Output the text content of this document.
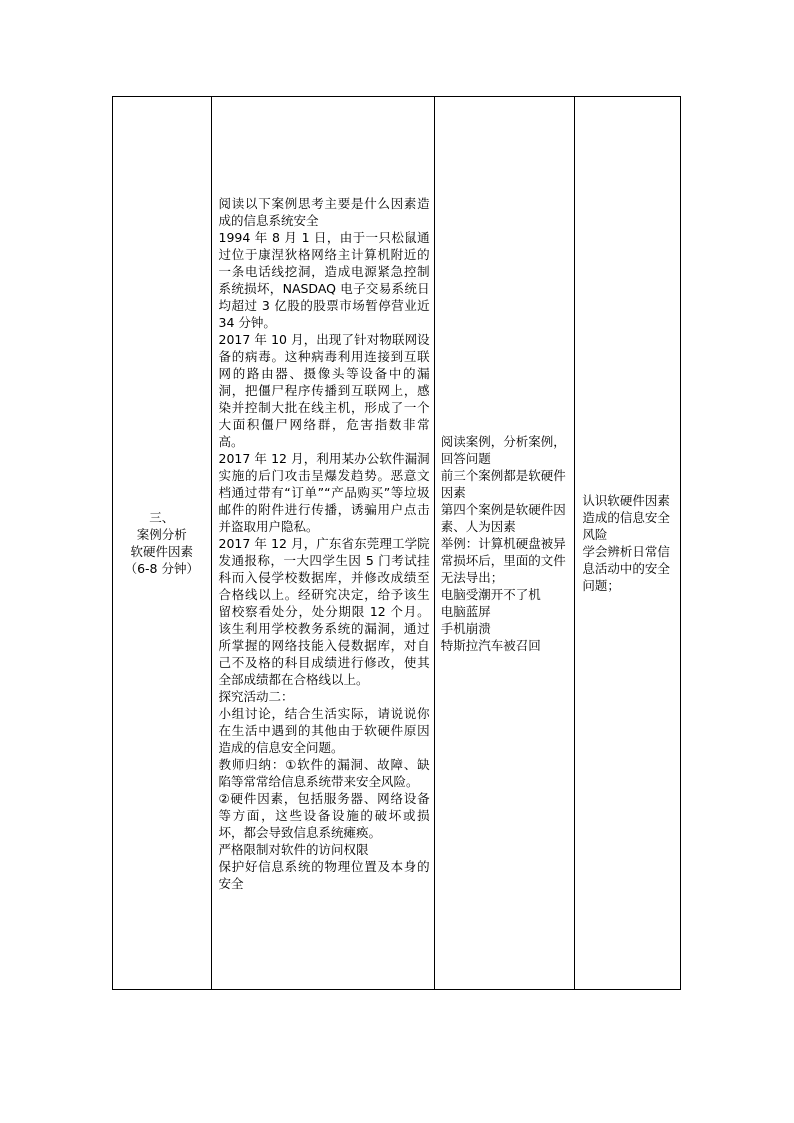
三、
案例分析
软硬件因素
（6-8 分钟）

阅读以下案例思考主要是什么因素造成的信息系统安全
1994 年 8 月 1 日，由于一只松鼠通过位于康涅狄格网络主计算机附近的一条电话线挖洞，造成电源紧急控制系统损坏，NASDAQ 电子交易系统日均超过 3 亿股的股票市场暂停营业近 34 分钟。
2017 年 10 月，出现了针对物联网设备的病毒。这种病毒利用连接到互联网的路由器、摄像头等设备中的漏洞，把僵尸程序传播到互联网上，感染并控制大批在线主机，形成了一个大面积僵尸网络群，危害指数非常高。
2017 年 12 月，利用某办公软件漏洞实施的后门攻击呈爆发趋势。恶意文档通过带有“订单”“产品购买”等垃圾邮件的附件进行传播，诱骗用户点击并盗取用户隐私。
2017 年 12 月，广东省东莞理工学院发通报称，一大四学生因 5 门考试挂科而入侵学校数据库，并修改成绩至合格线以上。经研究决定，给予该生留校察看处分，处分期限 12 个月。该生利用学校教务系统的漏洞，通过所掌握的网络技能入侵数据库，对自己不及格的科目成绩进行修改，使其全部成绩都在合格线以上。
探究活动二：
小组讨论，结合生活实际，请说说你在生活中遇到的其他由于软硬件原因造成的信息安全问题。
教师归纳：①软件的漏洞、故障、缺陷等常常给信息系统带来安全风险。
②硬件因素，包括服务器、网络设备等方面，这些设备设施的破坏或损坏，都会导致信息系统瘫痪。
严格限制对软件的访问权限
保护好信息系统的物理位置及本身的安全

阅读案例，分析案例，回答问题
前三个案例都是软硬件因素
第四个案例是软硬件因素、人为因素
举例：计算机硬盘被异常损坏后，里面的文件无法导出；
电脑受潮开不了机
电脑蓝屏
手机崩溃
特斯拉汽车被召回

认识软硬件因素造成的信息安全风险
学会辨析日常信息活动中的安全问题；
